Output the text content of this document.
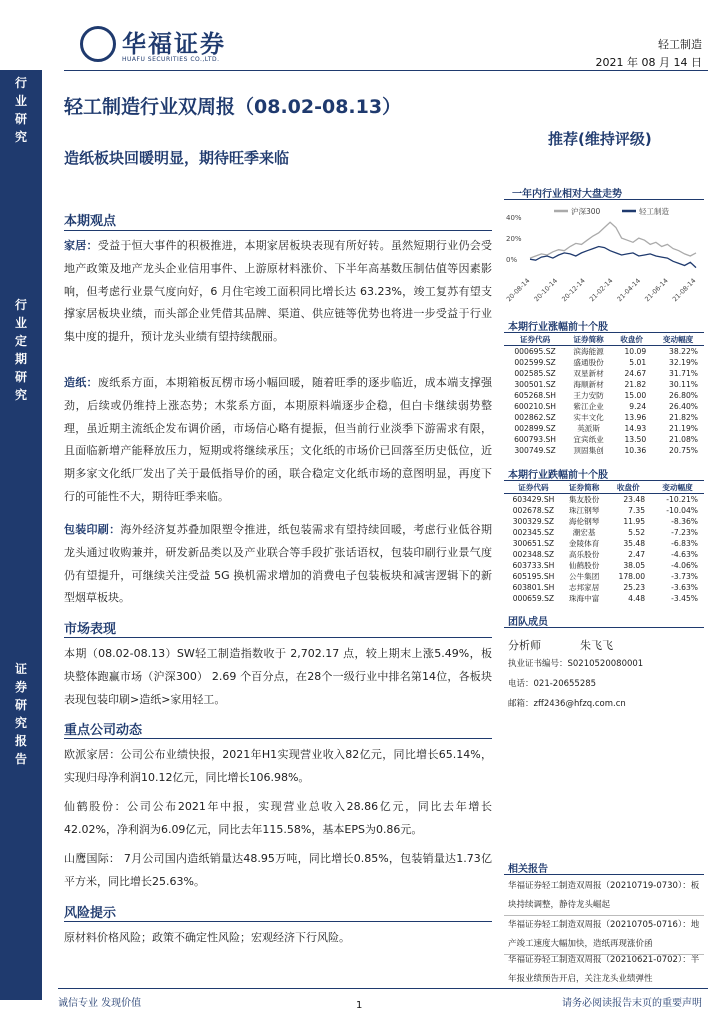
华福证券
HUAFU SECURITIES CO.,LTD.
轻工制造
2021 年 08 月 14 日
行业研究
行业定期研究
证券研究报告
轻工制造行业双周报（08.02-08.13）
造纸板块回暖明显，期待旺季来临
推荐(维持评级)
本期观点
家居：受益于恒大事件的积极推进，本期家居板块表现有所好转。虽然短期行业仍会受地产政策及地产龙头企业信用事件、上游原材料涨价、下半年高基数压制估值等因素影响，但考虑行业景气度向好，6 月住宅竣工面积同比增长达 63.23%，竣工复苏有望支撑家居板块业绩，而头部企业凭借其品牌、渠道、供应链等优势也将进一步受益于行业集中度的提升，预计龙头业绩有望持续靓丽。
造纸：废纸系方面，本期箱板瓦楞市场小幅回暖，随着旺季的逐步临近，成本端支撑强劲，后续或仍维持上涨态势；木浆系方面，本期原料端逐步企稳，但白卡继续弱势整理，虽近期主流纸企发布调价函，市场信心略有提振，但当前行业淡季下游需求有限，且面临新增产能释放压力，短期或将继续承压；文化纸的市场价已回落至历史低位，近期多家文化纸厂发出了关于最低指导价的函，联合稳定文化纸市场的意图明显，再度下行的可能性不大，期待旺季来临。
包装印刷：海外经济复苏叠加限塑令推进，纸包装需求有望持续回暖，考虑行业低谷期龙头通过收购兼并，研发新品类以及产业联合等手段扩张话语权，包装印刷行业景气度仍有望提升，可继续关注受益 5G 换机需求增加的消费电子包装板块和减害逻辑下的新型烟草板块。
市场表现
本期（08.02-08.13）SW轻工制造指数收于 2,702.17 点，较上期末上涨5.49%，板块整体跑赢市场（沪深300） 2.69 个百分点，在28个一级行业中排名第14位，各板块表现包装印刷>造纸>家用轻工。
重点公司动态
欧派家居：公司公布业绩快报，2021年H1实现营业收入82亿元，同比增长65.14%，实现归母净利润10.12亿元，同比增长106.98%。
仙鹤股份：公司公布2021年中报，实现营业总收入28.86亿元，同比去年增长42.02%，净利润为6.09亿元，同比去年115.58%，基本EPS为0.86元。
山鹰国际： 7月公司国内造纸销量达48.95万吨，同比增长0.85%，包装销量达1.73亿平方米，同比增长25.63%。
风险提示
原材料价格风险；政策不确定性风险；宏观经济下行风险。
一年内行业相对大盘走势
40%
20%
0%
20-08-14 20-10-14 20-12-14 21-02-14 21-04-14 21-06-14 21-08-14
沪深300	轻工制造
本期行业涨幅前十个股
证券代码	证券简称	收盘价	变动幅度
000695.SZ	滨海能源	10.09	38.22%
002599.SZ	盛通股份	5.01	32.19%
002585.SZ	双星新材	24.67	31.71%
300501.SZ	海顺新材	21.82	30.11%
605268.SH	王力安防	15.00	26.80%
600210.SH	紫江企业	9.24	26.40%
002862.SZ	实丰文化	13.96	21.82%
002899.SZ	英派斯	14.93	21.19%
600793.SH	宜宾纸业	13.50	21.08%
300749.SZ	顶固集创	10.36	20.75%
本期行业跌幅前十个股
证券代码	证券简称	收盘价	变动幅度
603429.SH	集友股份	23.48	-10.21%
002678.SZ	珠江钢琴	7.35	-10.04%
300329.SZ	海伦钢琴	11.95	-8.36%
002345.SZ	潮宏基	5.52	-7.23%
300651.SZ	金陵体育	35.48	-6.83%
002348.SZ	高乐股份	2.47	-4.63%
603733.SH	仙鹤股份	38.05	-4.06%
605195.SH	公牛集团	178.00	-3.73%
603801.SH	志邦家居	25.23	-3.63%
000659.SZ	珠海中富	4.48	-3.45%
团队成员
分析师	朱飞飞
执业证书编号：S0210520080001
电话：021-20655285
邮箱：zff2436@hfzq.com.cn
相关报告
华福证券轻工制造双周报（20210719-0730）：板块持续调整，静待龙头崛起
华福证券轻工制造双周报（20210705-0716）：地产竣工速度大幅加快，造纸再现涨价函
华福证券轻工制造双周报（20210621-0702）：半年报业绩预告开启，关注龙头业绩弹性
诚信专业 发现价值	1	请务必阅读报告末页的重要声明
